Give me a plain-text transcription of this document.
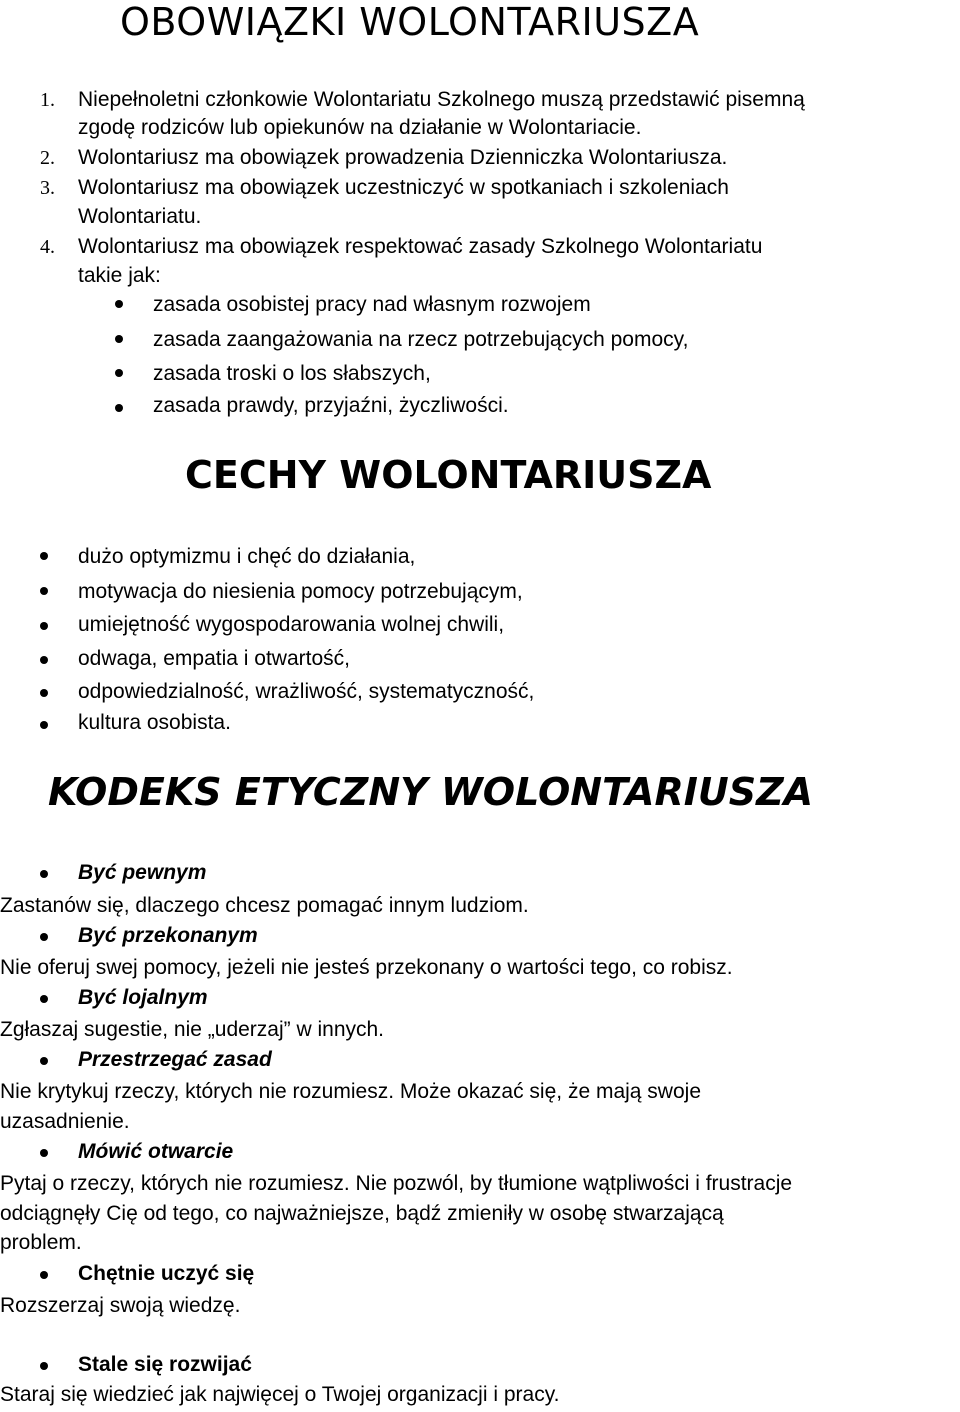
OBOWIĄZKI WOLONTARIUSZA
1. Niepełnoletni członkowie Wolontariatu Szkolnego muszą przedstawić pisemną
zgodę rodziców lub opiekunów na działanie w Wolontariacie.
2. Wolontariusz ma obowiązek prowadzenia Dzienniczka Wolontariusza.
3. Wolontariusz ma obowiązek uczestniczyć w spotkaniach i szkoleniach
Wolontariatu.
4. Wolontariusz ma obowiązek respektować zasady Szkolnego Wolontariatu
takie jak:
zasada osobistej pracy nad własnym rozwojem
zasada zaangażowania na rzecz potrzebujących pomocy,
zasada troski o los słabszych,
zasada prawdy, przyjaźni, życzliwości.
CECHY WOLONTARIUSZA
dużo optymizmu i chęć do działania,
motywacja do niesienia pomocy potrzebującym,
umiejętność wygospodarowania wolnej chwili,
odwaga, empatia i otwartość,
odpowiedzialność, wrażliwość, systematyczność,
kultura osobista.
KODEKS ETYCZNY WOLONTARIUSZA
Być pewnym
Zastanów się, dlaczego chcesz pomagać innym ludziom.
Być przekonanym
Nie oferuj swej pomocy, jeżeli nie jesteś przekonany o wartości tego, co robisz.
Być lojalnym
Zgłaszaj sugestie, nie „uderzaj” w innych.
Przestrzegać zasad
Nie krytykuj rzeczy, których nie rozumiesz. Może okazać się, że mają swoje
uzasadnienie.
Mówić otwarcie
Pytaj o rzeczy, których nie rozumiesz. Nie pozwól, by tłumione wątpliwości i frustracje
odciągnęły Cię od tego, co najważniejsze, bądź zmieniły w osobę stwarzającą
problem.
Chętnie uczyć się
Rozszerzaj swoją wiedzę.
Stale się rozwijać
Staraj się wiedzieć jak najwięcej o Twojej organizacji i pracy.
